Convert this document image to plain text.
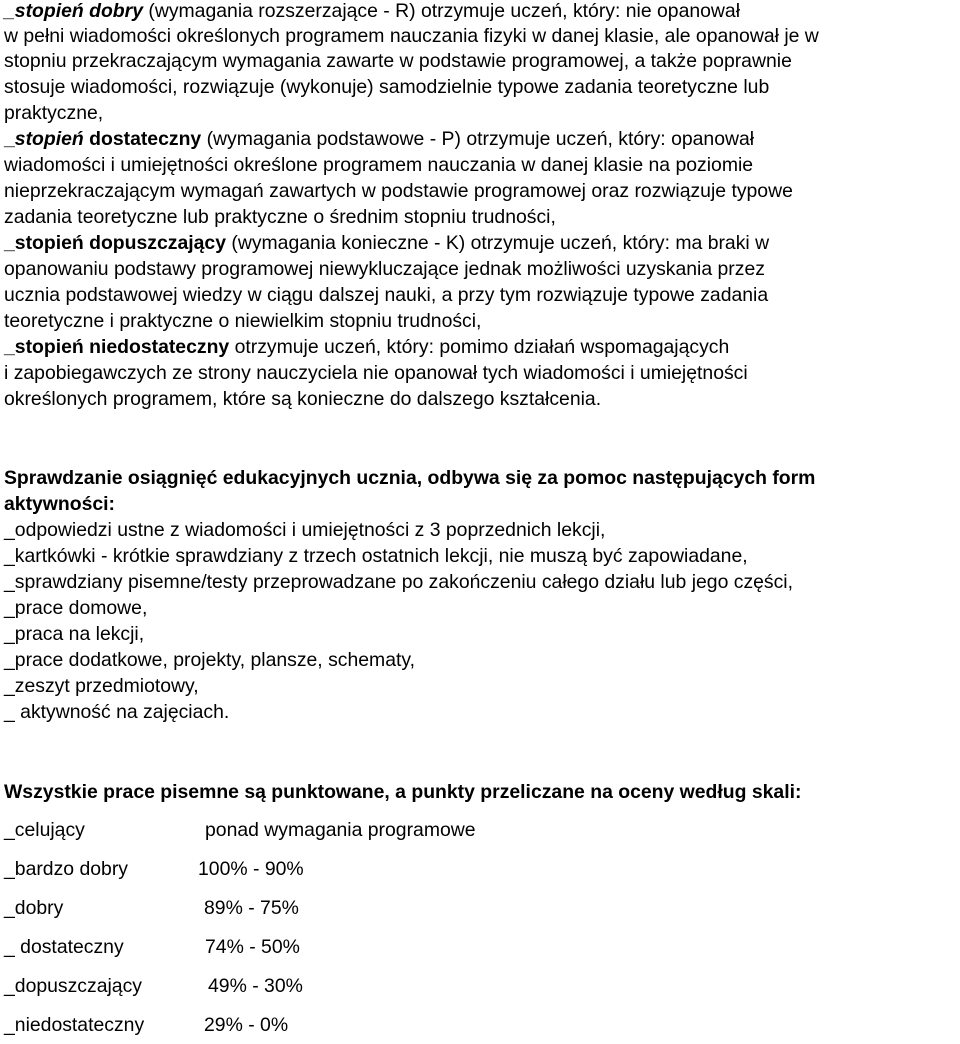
_stopień dobry (wymagania rozszerzające - R) otrzymuje uczeń, który: nie opanował
w pełni wiadomości określonych programem nauczania fizyki w danej klasie, ale opanował je w
stopniu przekraczającym wymagania zawarte w podstawie programowej, a także poprawnie
stosuje wiadomości, rozwiązuje (wykonuje) samodzielnie typowe zadania teoretyczne lub
praktyczne,
_stopień dostateczny (wymagania podstawowe - P) otrzymuje uczeń, który: opanował
wiadomości i umiejętności określone programem nauczania w danej klasie na poziomie
nieprzekraczającym wymagań zawartych w podstawie programowej oraz rozwiązuje typowe
zadania teoretyczne lub praktyczne o średnim stopniu trudności,
_stopień dopuszczający (wymagania konieczne - K) otrzymuje uczeń, który: ma braki w
opanowaniu podstawy programowej niewykluczające jednak możliwości uzyskania przez
ucznia podstawowej wiedzy w ciągu dalszej nauki, a przy tym rozwiązuje typowe zadania
teoretyczne i praktyczne o niewielkim stopniu trudności,
_stopień niedostateczny otrzymuje uczeń, który: pomimo działań wspomagających
i zapobiegawczych ze strony nauczyciela nie opanował tych wiadomości i umiejętności
określonych programem, które są konieczne do dalszego kształcenia.
Sprawdzanie osiągnięć edukacyjnych ucznia, odbywa się za pomoc następujących form
aktywności:
_odpowiedzi ustne z wiadomości i umiejętności z 3 poprzednich lekcji,
_kartkówki - krótkie sprawdziany z trzech ostatnich lekcji, nie muszą być zapowiadane,
_sprawdziany pisemne/testy przeprowadzane po zakończeniu całego działu lub jego części,
_prace domowe,
_praca na lekcji,
_prace dodatkowe, projekty, plansze, schematy,
_zeszyt przedmiotowy,
_ aktywność na zajęciach.
Wszystkie prace pisemne są punktowane, a punkty przeliczane na oceny według skali:
_celujący	ponad wymagania programowe
_bardzo dobry	100% - 90%
_dobry	89% - 75%
_ dostateczny	74% - 50%
_dopuszczający	49% - 30%
_niedostateczny	29% - 0%
